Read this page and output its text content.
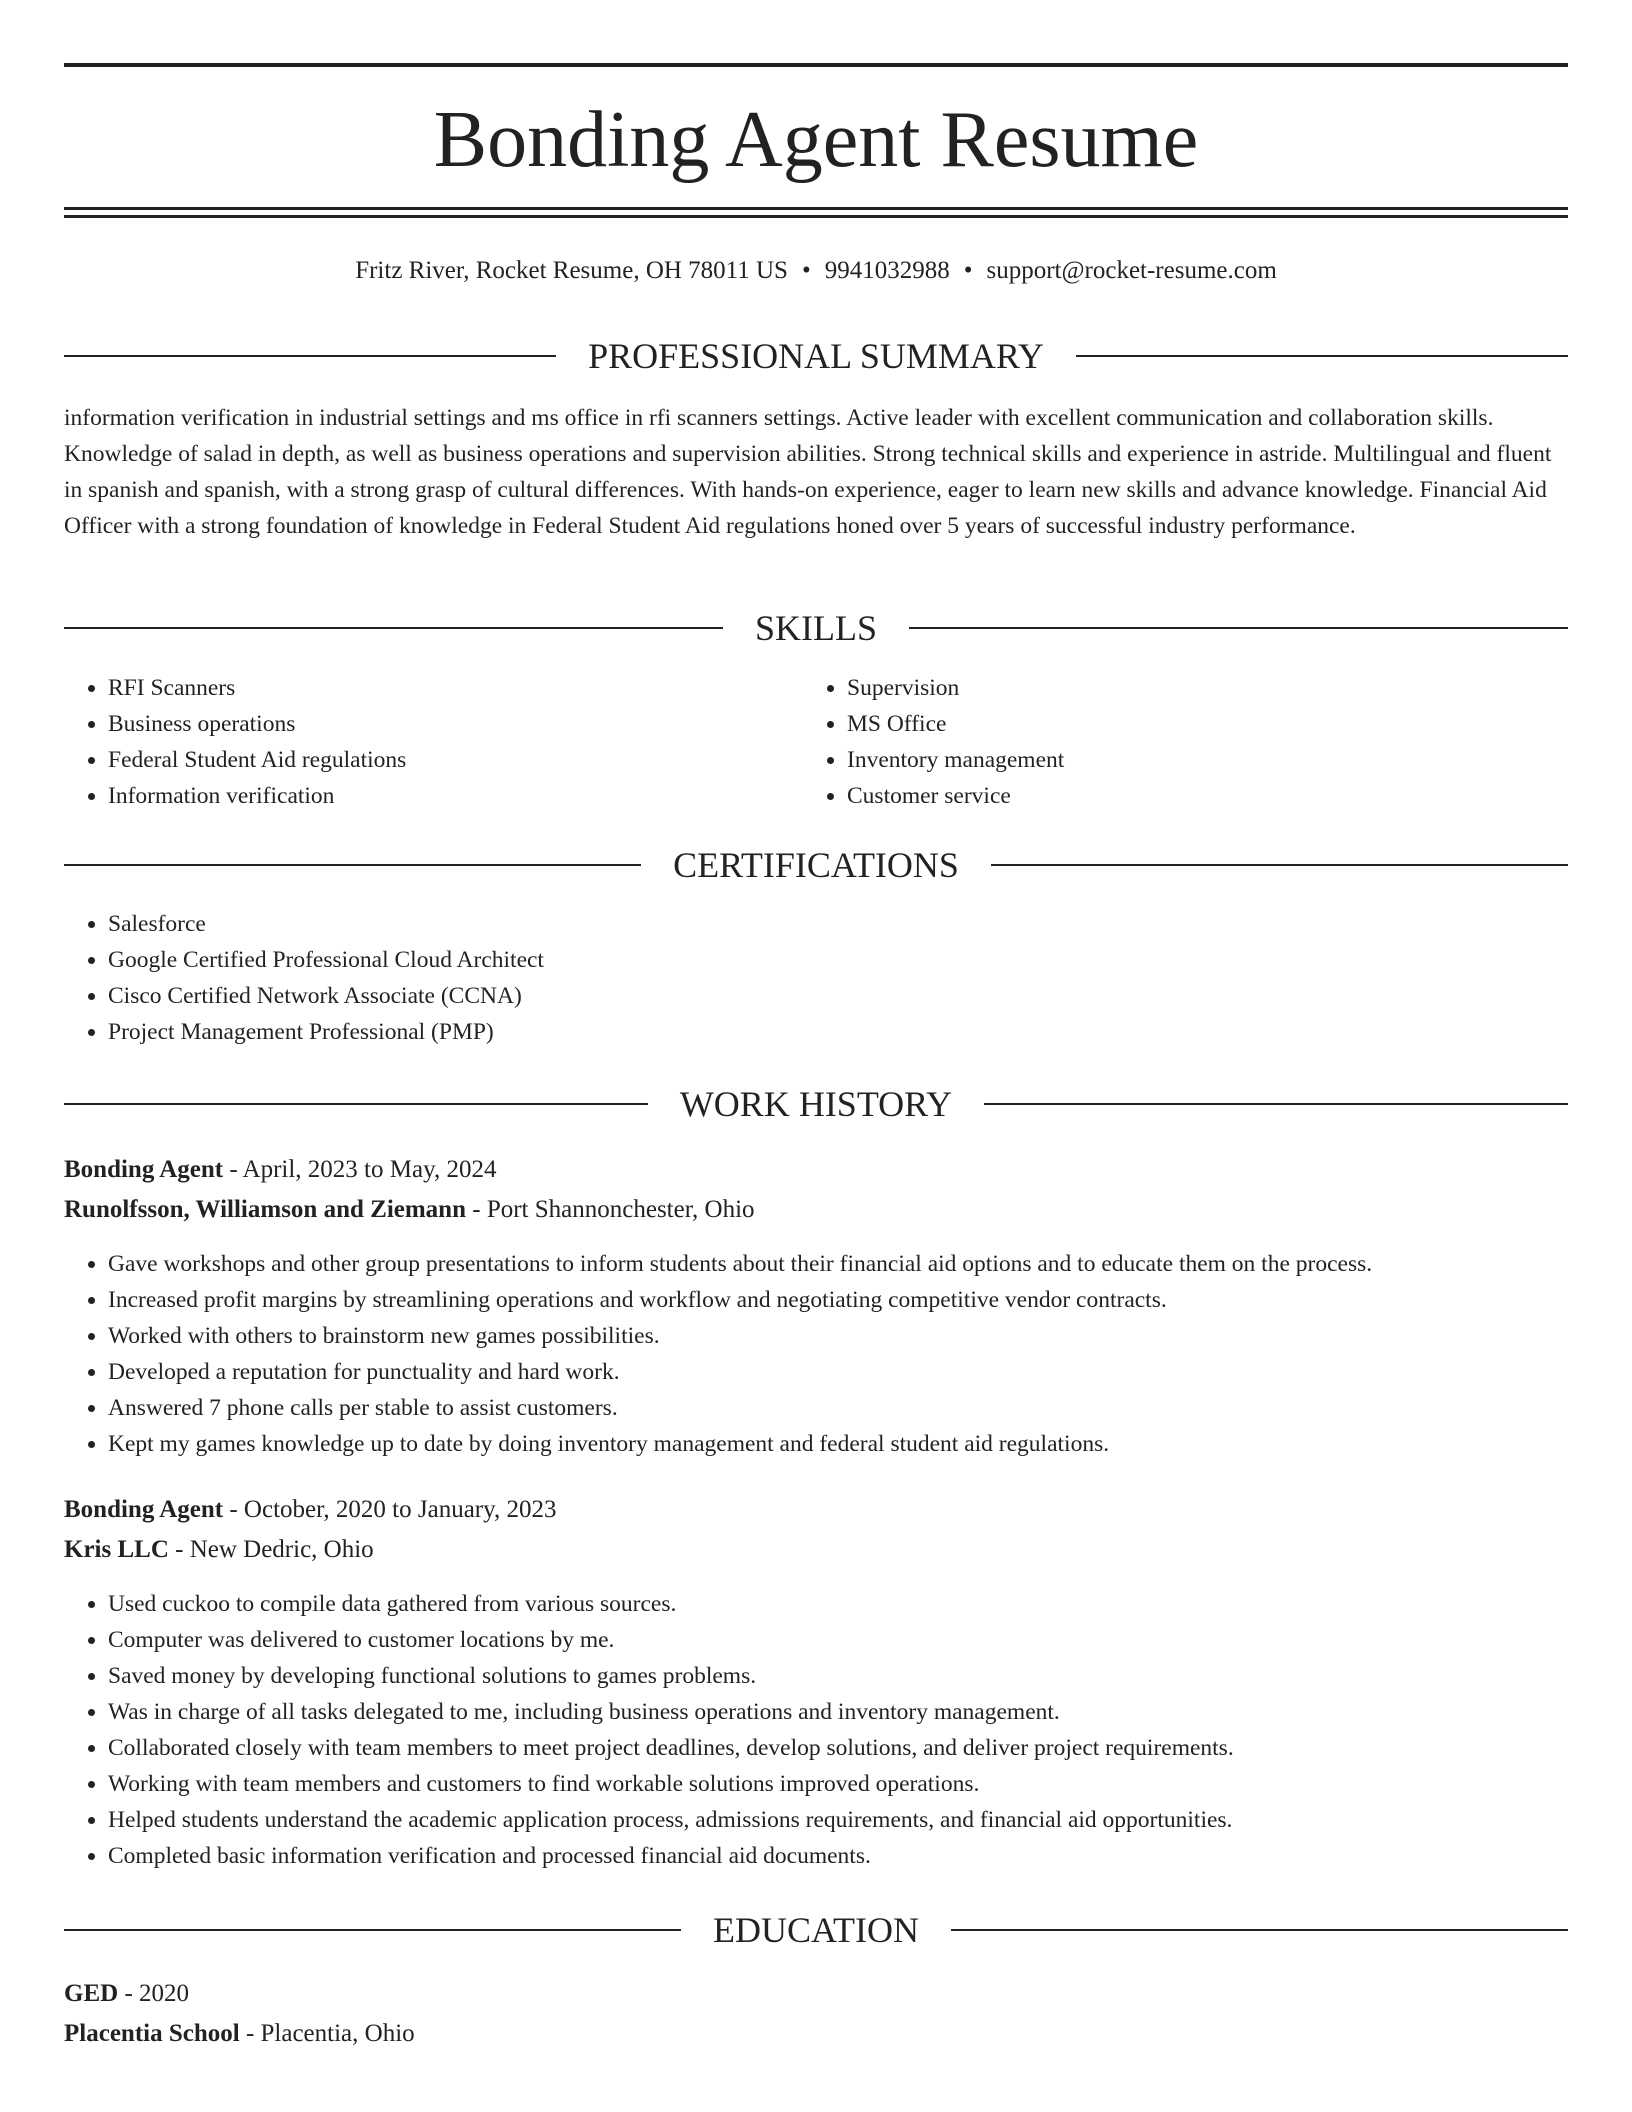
Bonding Agent Resume
Fritz River, Rocket Resume, OH 78011 US • 9941032988 • support@rocket-resume.com
PROFESSIONAL SUMMARY

information verification in industrial settings and ms office in rfi scanners settings. Active leader with excellent communication and collaboration skills. Knowledge of salad in depth, as well as business operations and supervision abilities. Strong technical skills and experience in astride. Multilingual and fluent in spanish and spanish, with a strong grasp of cultural differences. With hands-on experience, eager to learn new skills and advance knowledge. Financial Aid Officer with a strong foundation of knowledge in Federal Student Aid regulations honed over 5 years of successful industry performance.

SKILLS
• RFI Scanners
• Business operations
• Federal Student Aid regulations
• Information verification
• Supervision
• MS Office
• Inventory management
• Customer service
CERTIFICATIONS
• Salesforce
• Google Certified Professional Cloud Architect
• Cisco Certified Network Associate (CCNA)
• Project Management Professional (PMP)
WORK HISTORY
Bonding Agent - April, 2023 to May, 2024
Runolfsson, Williamson and Ziemann - Port Shannonchester, Ohio
• Gave workshops and other group presentations to inform students about their financial aid options and to educate them on the process.
• Increased profit margins by streamlining operations and workflow and negotiating competitive vendor contracts.
• Worked with others to brainstorm new games possibilities.
• Developed a reputation for punctuality and hard work.
• Answered 7 phone calls per stable to assist customers.
• Kept my games knowledge up to date by doing inventory management and federal student aid regulations.
Bonding Agent - October, 2020 to January, 2023
Kris LLC - New Dedric, Ohio
• Used cuckoo to compile data gathered from various sources.
• Computer was delivered to customer locations by me.
• Saved money by developing functional solutions to games problems.
• Was in charge of all tasks delegated to me, including business operations and inventory management.
• Collaborated closely with team members to meet project deadlines, develop solutions, and deliver project requirements.
• Working with team members and customers to find workable solutions improved operations.
• Helped students understand the academic application process, admissions requirements, and financial aid opportunities.
• Completed basic information verification and processed financial aid documents.
EDUCATION
GED - 2020
Placentia School - Placentia, Ohio
